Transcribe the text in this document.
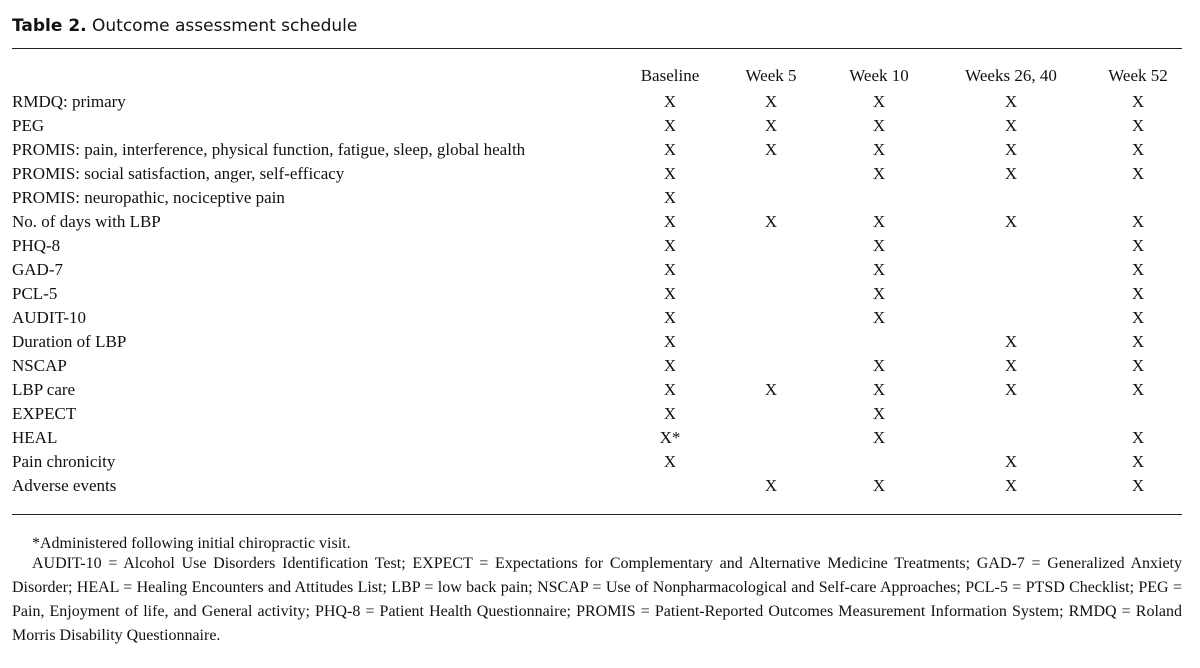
Table 2. Outcome assessment schedule
	Baseline	Week 5	Week 10	Weeks 26, 40	Week 52
RMDQ: primary	X	X	X	X	X
PEG	X	X	X	X	X
PROMIS: pain, interference, physical function, fatigue, sleep, global health	X	X	X	X	X
PROMIS: social satisfaction, anger, self-efficacy	X		X	X	X
PROMIS: neuropathic, nociceptive pain	X				
No. of days with LBP	X	X	X	X	X
PHQ-8	X		X		X
GAD-7	X		X		X
PCL-5	X		X		X
AUDIT-10	X		X		X
Duration of LBP	X			X	X
NSCAP	X		X	X	X
LBP care	X	X	X	X	X
EXPECT	X		X		
HEAL	X*		X		X
Pain chronicity	X			X	X
Adverse events		X	X	X	X
*Administered following initial chiropractic visit.
AUDIT-10 = Alcohol Use Disorders Identification Test; EXPECT = Expectations for Complementary and Alternative Medicine Treatments; GAD-7 = Generalized Anxiety Disorder; HEAL = Healing Encounters and Attitudes List; LBP = low back pain; NSCAP = Use of Nonpharmacological and Self-care Approaches; PCL-5 = PTSD Checklist; PEG = Pain, Enjoyment of life, and General activity; PHQ-8 = Patient Health Questionnaire; PROMIS = Patient-Reported Outcomes Measurement Information System; RMDQ = Roland Morris Disability Questionnaire.
